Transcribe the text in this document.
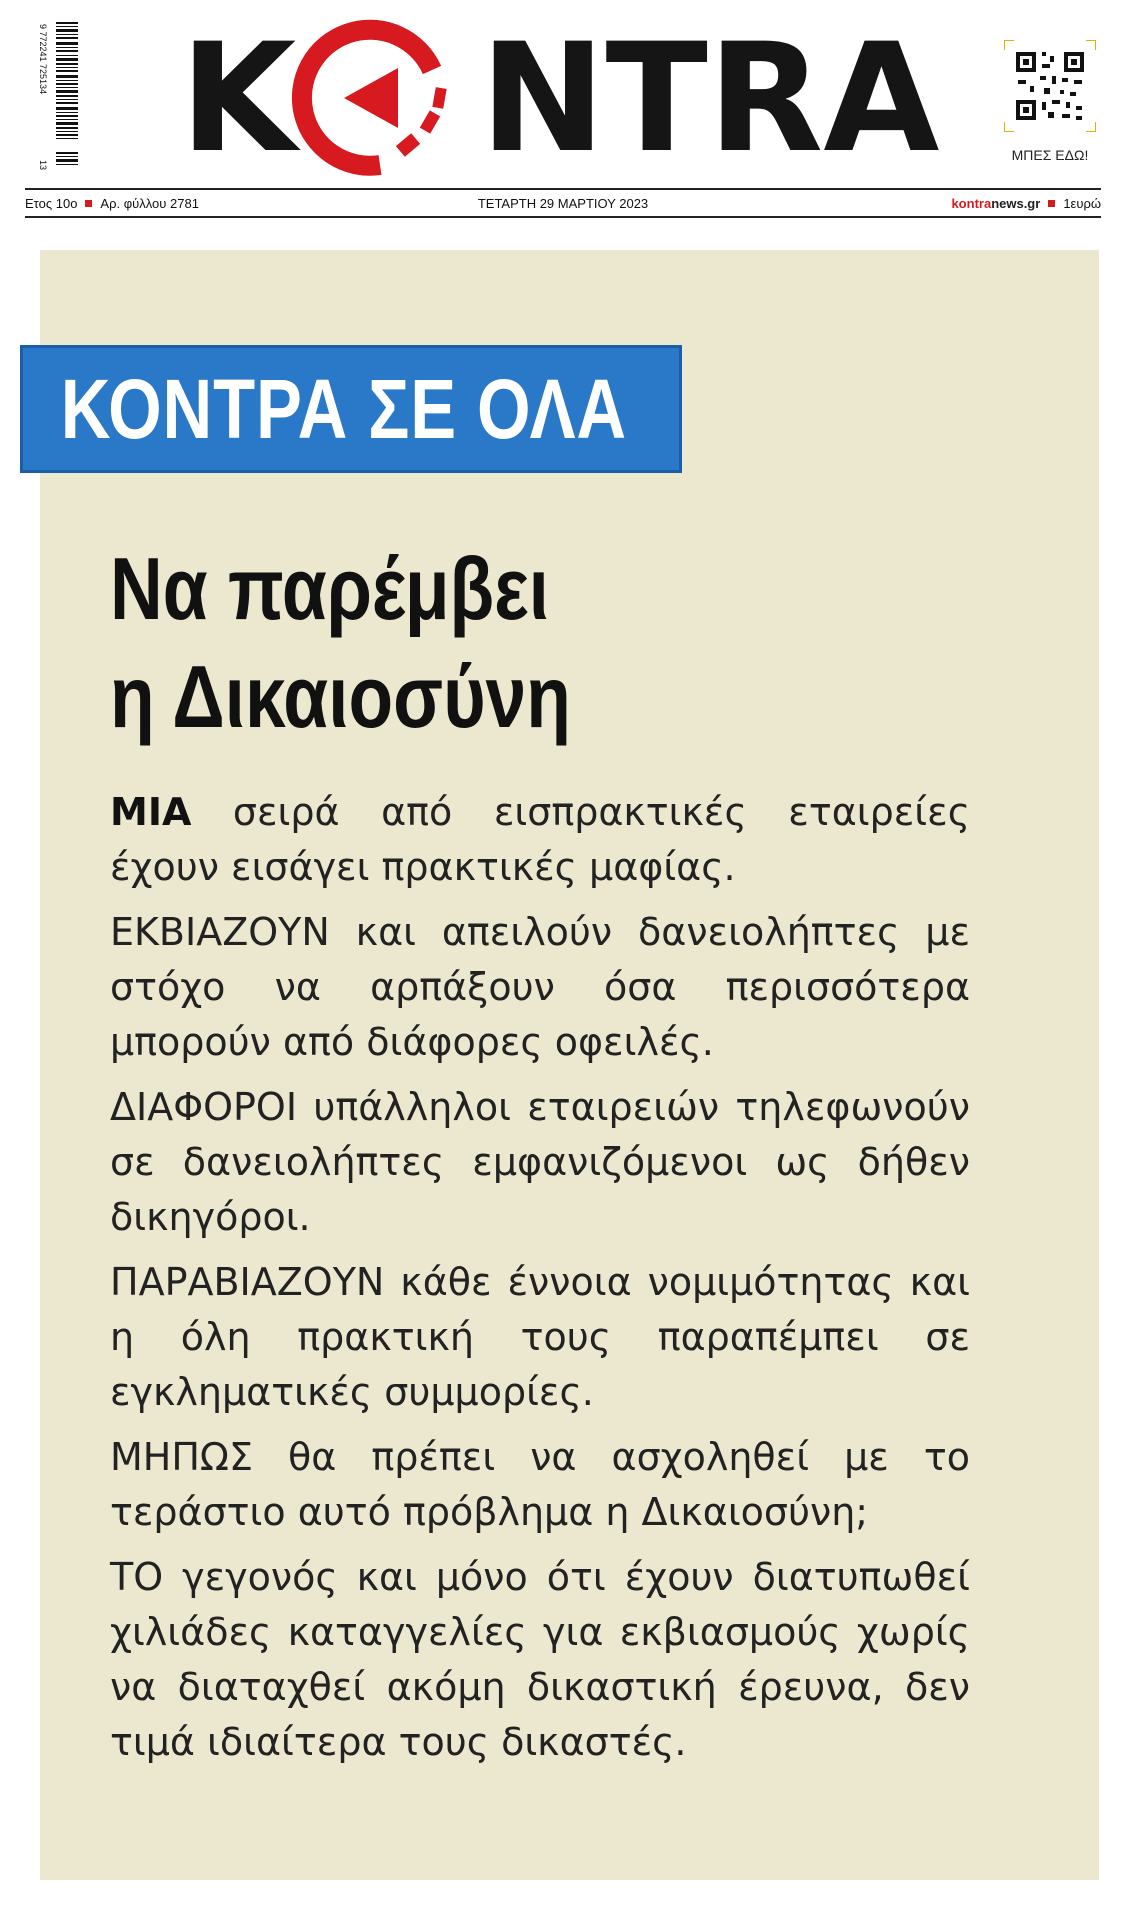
9 772241 725134
13 K NTRA	ΜΠΕΣ ΕΔΩ!
Ετος 10ο Αρ. φύλλου 2781	ΤΕΤΑΡΤΗ 29 ΜΑΡΤΙΟΥ 2023	kontranews.gr 1ευρώ
ΚΟΝΤΡΑ ΣΕ ΟΛΑ
Να παρέμβει
η Δικαιοσύνη

ΜΙΑ σειρά από εισπρακτικές εταιρείες έχουν εισάγει πρακτικές μαφίας.

ΕΚΒΙΑΖΟΥΝ και απειλούν δανειολήπτες με στόχο να αρπάξουν όσα περισσότερα μπορούν από διάφορες οφειλές.

ΔΙΑΦΟΡΟΙ υπάλληλοι εταιρειών τηλεφωνούν σε δανειολήπτες εμφανιζόμενοι ως δήθεν δικηγόροι.

ΠΑΡΑΒΙΑΖΟΥΝ κάθε έννοια νομιμότητας και η όλη πρακτική τους παραπέμπει σε εγκληματικές συμμορίες.

ΜΗΠΩΣ θα πρέπει να ασχοληθεί με το τεράστιο αυτό πρόβλημα η Δικαιοσύνη;

ΤΟ γεγονός και μόνο ότι έχουν διατυπωθεί χιλιάδες καταγγελίες για εκβιασμούς χωρίς να διαταχθεί ακόμη δικαστική έρευνα, δεν τιμά ιδιαίτερα τους δικαστές.
